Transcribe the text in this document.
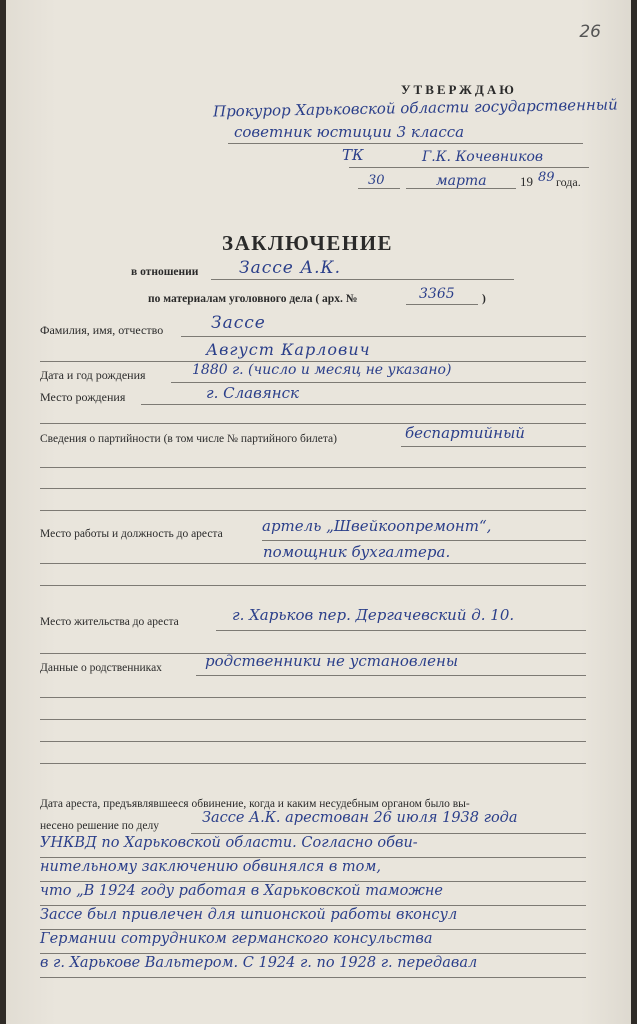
26
УТВЕРЖДАЮ
Прокурор Харьковской области государственный
советник юстиции 3 класса
ТК	Г.К. Кочевников
30	марта	19 89 года.
ЗАКЛЮЧЕНИЕ
в отношении Зассе А.К.
по материалам уголовного дела ( арх. №	3365 )
Фамилия, имя, отчество	Зассе
Август Карлович
Дата и год рождения	1880 г. (число и месяц не указано)
Место рождения	г. Славянск
Сведения о партийности (в том числе № партийного билета)	беспартийный
Место работы и должность до ареста	артель „Швейкоопремонт“,
помощник бухгалтера.
Место жительства до ареста	г. Харьков пер. Дергачевский д. 10.
Данные о родственниках	родственники не установлены
Дата ареста, предъявлявшееся обвинение, когда и каким несудебным органом было вы-
несено решение по делу	Зассе А.К. арестован 26 июля 1938 года
УНКВД по Харьковской области. Согласно обви-
нительному заключению обвинялся в том,
что „В 1924 году работая в Харьковской таможне
Зассе был привлечен для шпионской работы вконсул
Германии сотрудником германского консульства
в г. Харькове Вальтером. С 1924 г. по 1928 г. передавал
